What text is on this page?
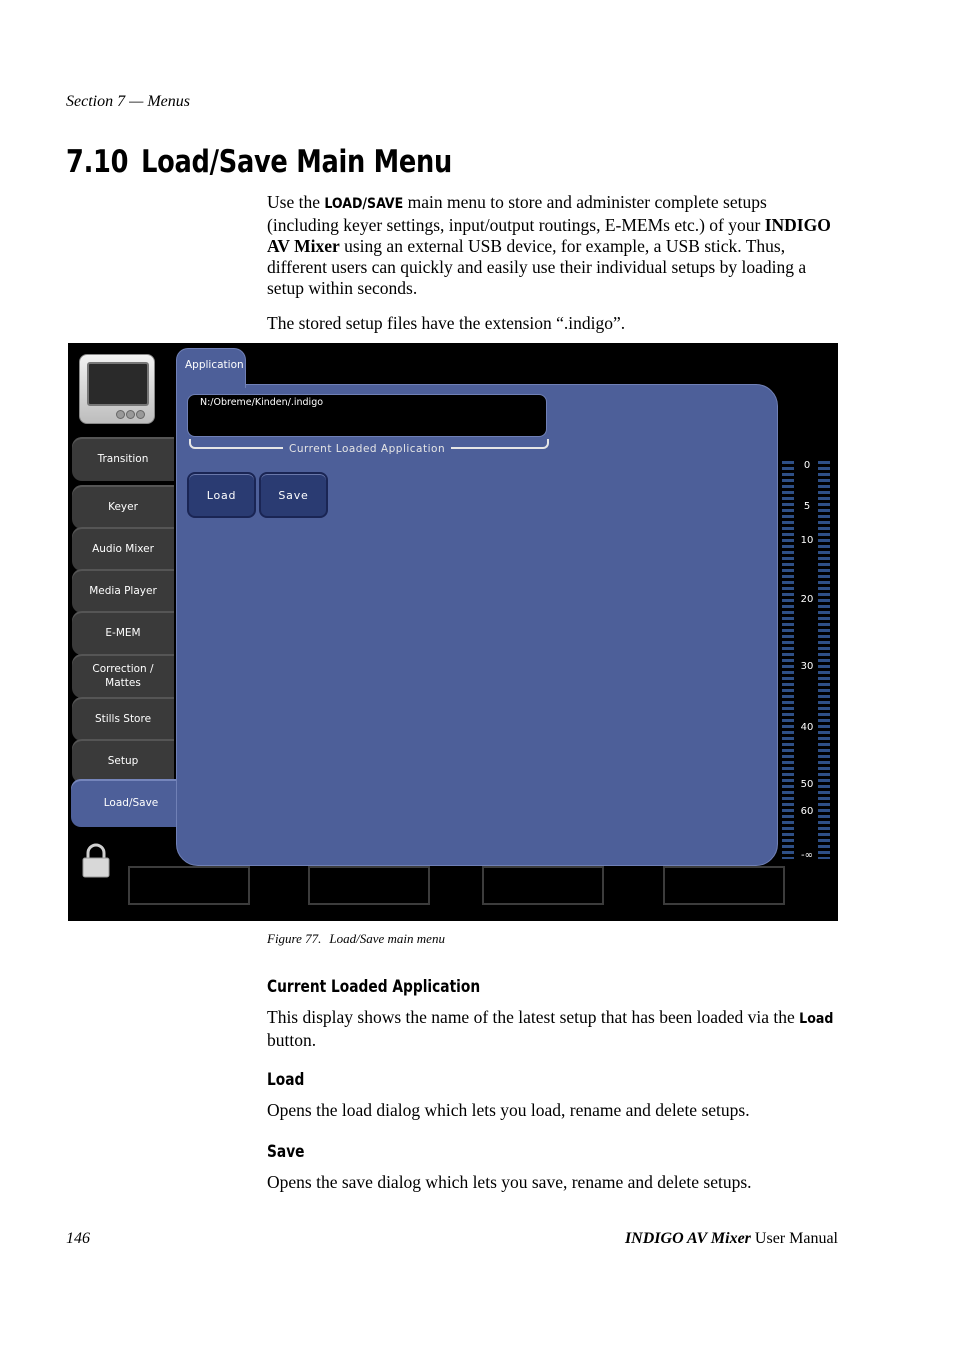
Section 7 — Menus
7.10 Load/Save Main Menu
Use the LOAD/SAVE main menu to store and administer complete setups (including keyer settings, input/output routings, E-MEMs etc.) of your INDIGO AV Mixer using an external USB device, for example, a USB stick. Thus, different users can quickly and easily use their individual setups by loading a setup within seconds.
The stored setup files have the extension “.indigo”.
Transition
Keyer
Audio Mixer
Media Player
E-MEM
Correction / Mattes
Stills Store
Setup
Load/Save
Application
N:/Obreme/Kinden/.indigo
Current Loaded Application
Load	Save
0
5
10
20
30
40
50
60
-∞
Figure 77. Load/Save main menu
Current Loaded Application
This display shows the name of the latest setup that has been loaded via the Load button.
Load
Opens the load dialog which lets you load, rename and delete setups.
Save
Opens the save dialog which lets you save, rename and delete setups.
146	INDIGO AV Mixer User Manual
